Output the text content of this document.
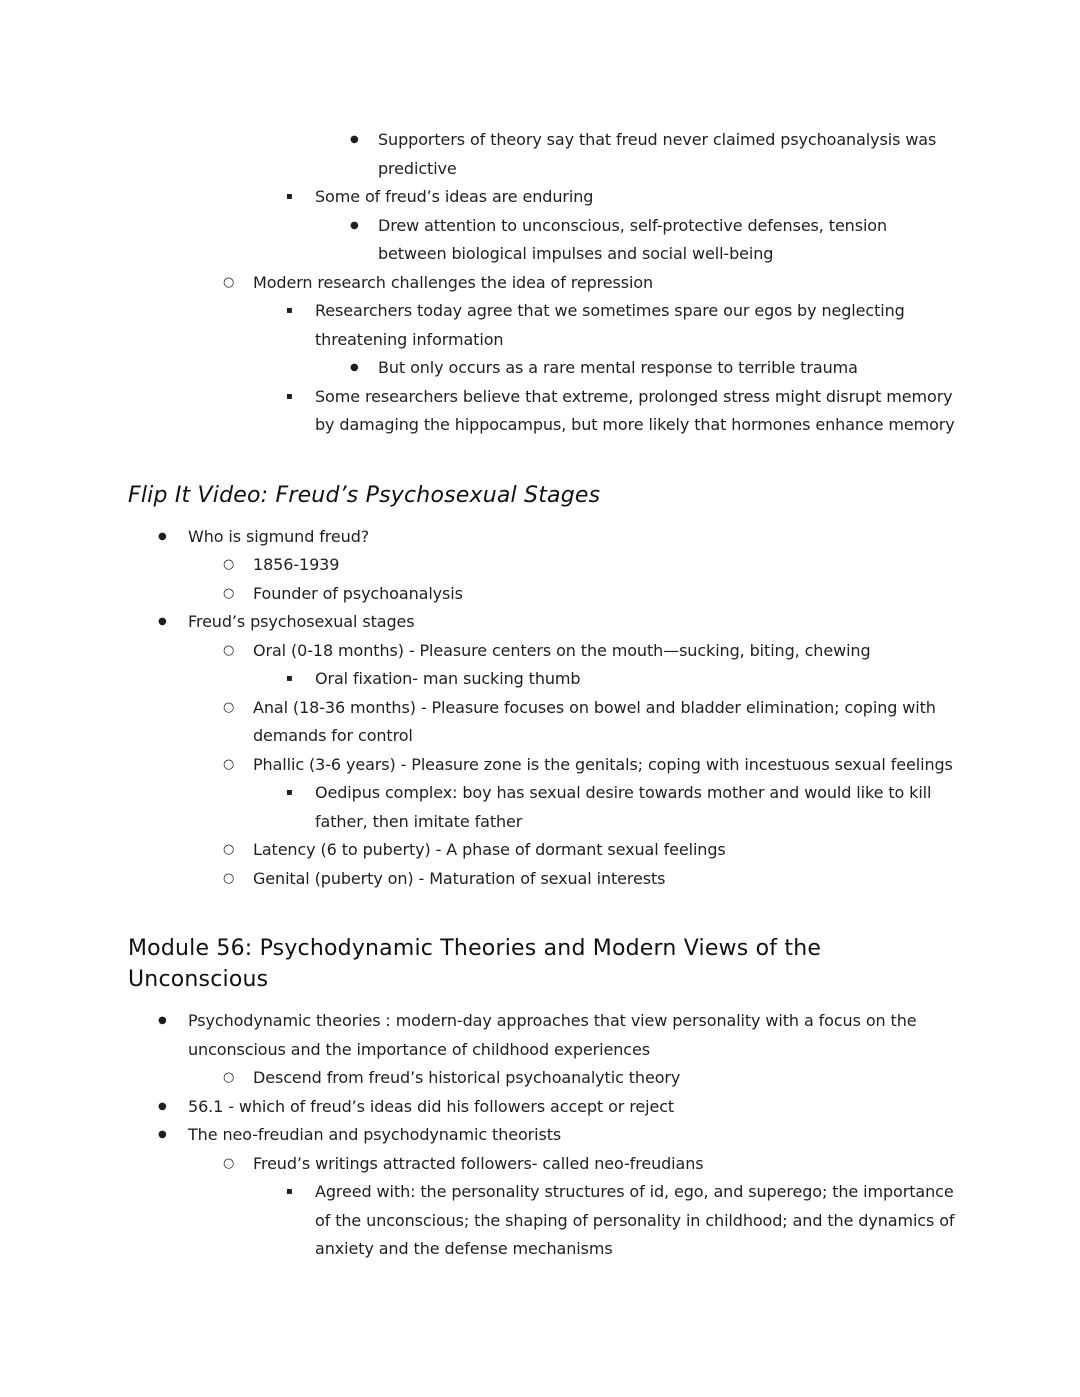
●	Supporters of theory say that freud never claimed psychoanalysis was predictive
▪	Some of freud’s ideas are enduring
●	Drew attention to unconscious, self-protective defenses, tension between biological impulses and social well-being
○	Modern research challenges the idea of repression
▪	Researchers today agree that we sometimes spare our egos by neglecting threatening information
●	But only occurs as a rare mental response to terrible trauma
▪	Some researchers believe that extreme, prolonged stress might disrupt memory by damaging the hippocampus, but more likely that hormones enhance memory
Flip It Video: Freud’s Psychosexual Stages
●	Who is sigmund freud?
○	1856-1939
○	Founder of psychoanalysis
●	Freud’s psychosexual stages
○	Oral (0-18 months) - Pleasure centers on the mouth—sucking, biting, chewing
▪	Oral fixation- man sucking thumb
○	Anal (18-36 months) - Pleasure focuses on bowel and bladder elimination; coping with demands for control
○	Phallic (3-6 years) - Pleasure zone is the genitals; coping with incestuous sexual feelings
▪	Oedipus complex: boy has sexual desire towards mother and would like to kill father, then imitate father
○	Latency (6 to puberty) - A phase of dormant sexual feelings
○	Genital (puberty on) - Maturation of sexual interests
Module 56: Psychodynamic Theories and Modern Views of the Unconscious
●	Psychodynamic theories : modern-day approaches that view personality with a focus on the unconscious and the importance of childhood experiences
○	Descend from freud’s historical psychoanalytic theory
●	56.1 - which of freud’s ideas did his followers accept or reject
●	The neo-freudian and psychodynamic theorists
○	Freud’s writings attracted followers- called neo-freudians
▪	Agreed with: the personality structures of id, ego, and superego; the importance of the unconscious; the shaping of personality in childhood; and the dynamics of anxiety and the defense mechanisms
